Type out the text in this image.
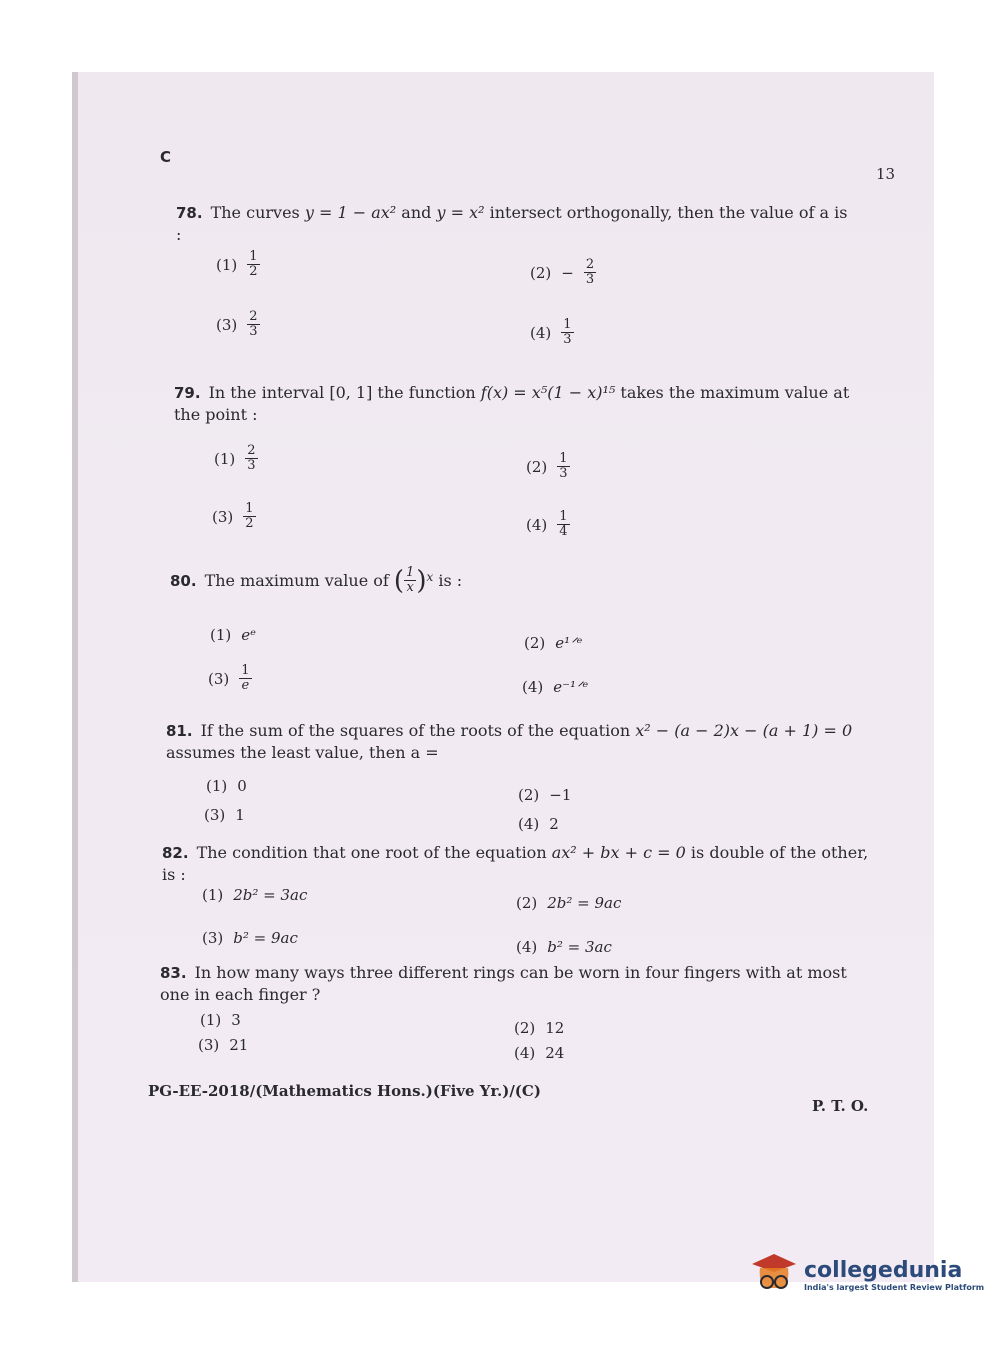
C
13
78. The curves y = 1 − ax² and y = x² intersect orthogonally, then the value of a is :
$(1) \frac{1}{2}$	$(2) - \frac{2}{3}$
$(3) \frac{2}{3}$	$(4) \frac{1}{3}$
79. In the interval [0, 1] the function f(x) = x⁵(1 − x)¹⁵ takes the maximum value at the point :
$(1) \frac{2}{3}$	$(2) \frac{1}{3}$
$(3) \frac{1}{2}$	$(4) \frac{1}{4}$
80. The maximum value of ( $\frac{1}{x} )^x$ is :
(1) eᵉ	(2) e¹ᐟᵉ
$(3) \frac{1}{e}$	(4) e⁻¹ᐟᵉ
81. If the sum of the squares of the roots of the equation x² − (a − 2)x − (a + 1) = 0 assumes the least value, then a =
(1) 0	(2) −1
(3) 1	(4) 2
82. The condition that one root of the equation ax² + bx + c = 0 is double of the other, is :
(1) 2b² = 3ac	(2) 2b² = 9ac
(3) b² = 9ac	(4) b² = 3ac
83. In how many ways three different rings can be worn in four fingers with at most one in each finger ?
(1) 3	(2) 12
(3) 21	(4) 24
PG-EE-2018/(Mathematics Hons.)(Five Yr.)/(C)
P. T. O.
collegedunia
India's largest Student Review Platform
